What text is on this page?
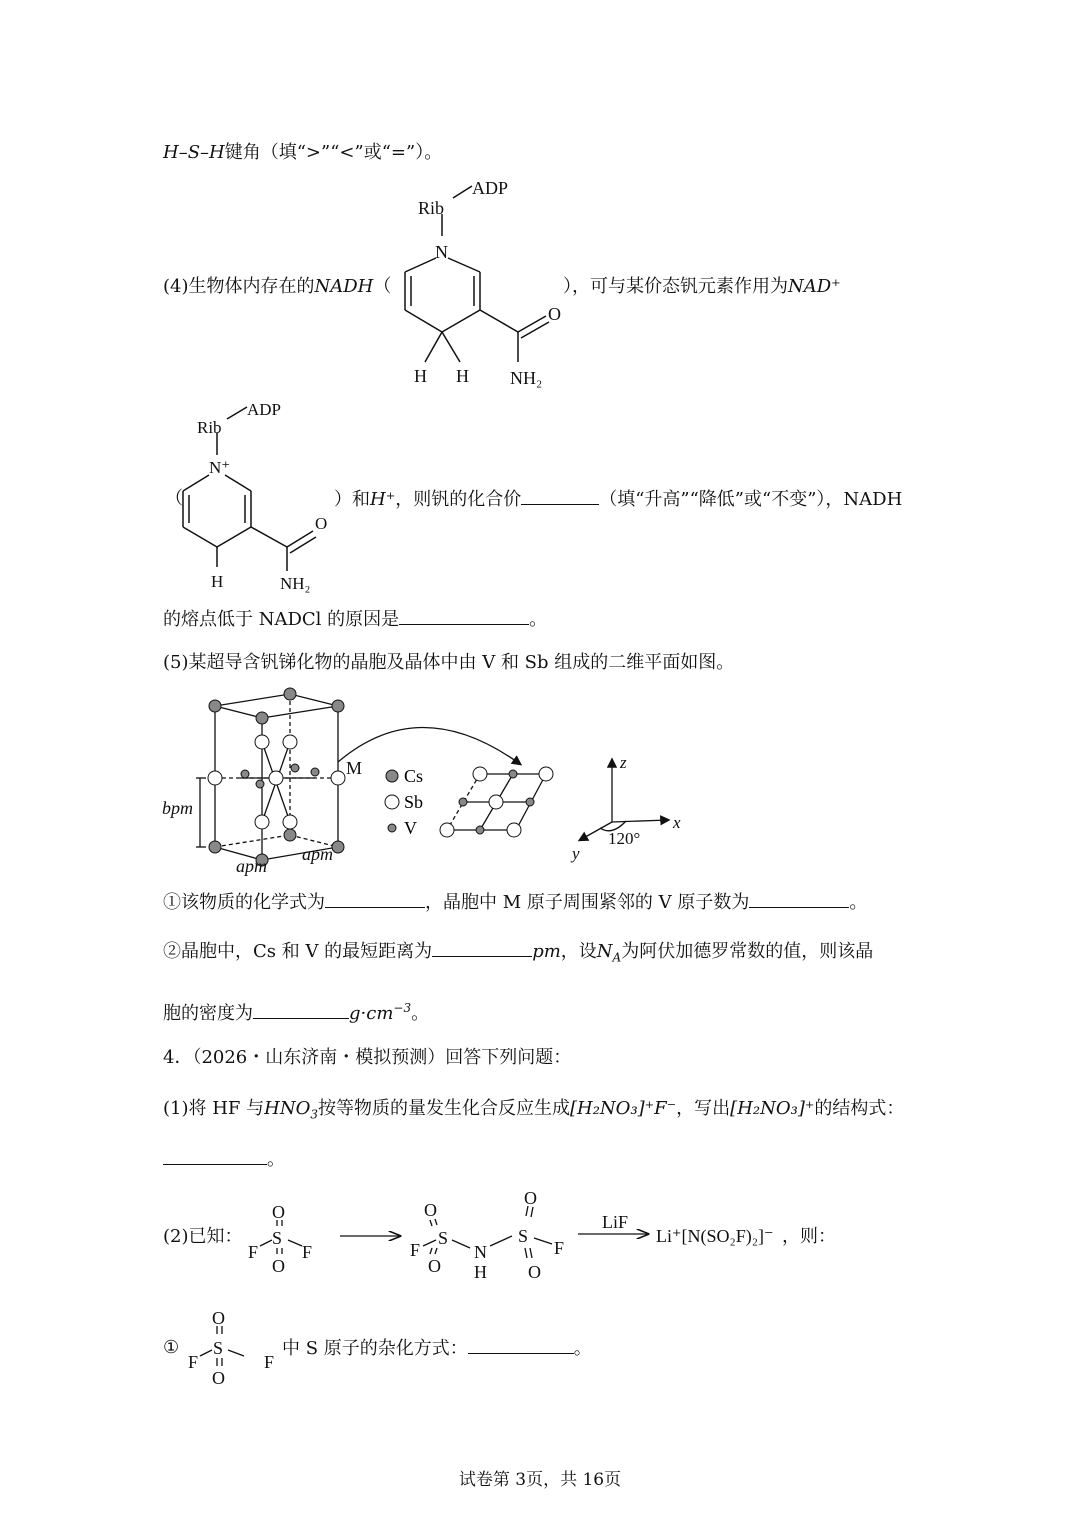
H–S–H键角（填“>”“<”或“=”）。
Rib
ADP
N
O
NH₂
H H
(4)生物体内存在的NADH（	），可与某价态钒元素作用为NAD⁺
Rib
ADP
N⁺
O
NH₂
H
（	）和H⁺，则钒的化合价	（填“升高”“降低”或“不变”），NADH
的熔点低于 NADCl 的原因是	。
(5)某超导含钒锑化物的晶胞及晶体中由 V 和 Sb 组成的二维平面如图。
M
bpm
apm
apm
Cs
Sb
V
z
x
y
120°
①该物质的化学式为	，晶胞中 M 原子周围紧邻的 V 原子数为	。
②晶胞中，Cs 和 V 的最短距离为	pm，设$N_A$为阿伏加德罗常数的值，则该晶
胞的密度为	$g\cdot cm^{-3}$。
4．（2026・山东济南・模拟预测）回答下列问题：
(1)将 HF 与$HNO_3$按等物质的量发生化合反应生成[H₂NO₃]⁺F⁻，写出[H₂NO₃]⁺的结构式：
。
(2)已知：
O
S
O
F F
O
S
O
F	N
H
O
S
O
F
LiF
Li⁺[N(SO₂F)₂]⁻ ，则：
①
O
S
O
F	F
中 S 原子的杂化方式：	。
试卷第 3页，共 16页
